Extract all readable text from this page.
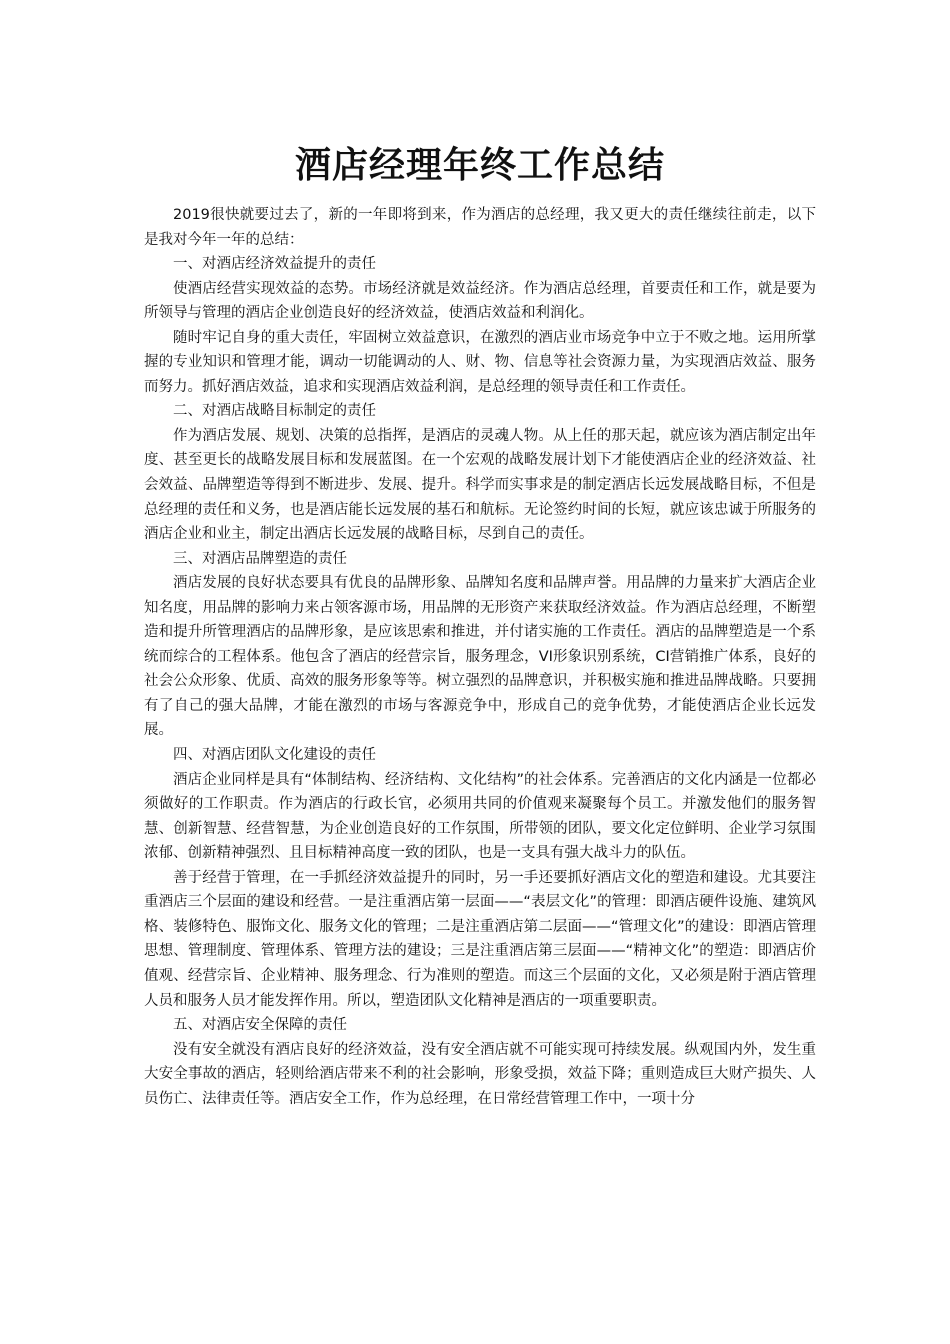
酒店经理年终工作总结

2019很快就要过去了，新的一年即将到来，作为酒店的总经理，我又更大的责任继续往前走，以下是我对今年一年的总结：

一、对酒店经济效益提升的责任

使酒店经营实现效益的态势。市场经济就是效益经济。作为酒店总经理，首要责任和工作，就是要为所领导与管理的酒店企业创造良好的经济效益，使酒店效益和利润化。

随时牢记自身的重大责任，牢固树立效益意识，在激烈的酒店业市场竞争中立于不败之地。运用所掌握的专业知识和管理才能，调动一切能调动的人、财、物、信息等社会资源力量，为实现酒店效益、服务而努力。抓好酒店效益，追求和实现酒店效益利润，是总经理的领导责任和工作责任。

二、对酒店战略目标制定的责任

作为酒店发展、规划、决策的总指挥，是酒店的灵魂人物。从上任的那天起，就应该为酒店制定出年度、甚至更长的战略发展目标和发展蓝图。在一个宏观的战略发展计划下才能使酒店企业的经济效益、社会效益、品牌塑造等得到不断进步、发展、提升。科学而实事求是的制定酒店长远发展战略目标，不但是总经理的责任和义务，也是酒店能长远发展的基石和航标。无论签约时间的长短，就应该忠诚于所服务的酒店企业和业主，制定出酒店长远发展的战略目标，尽到自己的责任。

三、对酒店品牌塑造的责任

酒店发展的良好状态要具有优良的品牌形象、品牌知名度和品牌声誉。用品牌的力量来扩大酒店企业知名度，用品牌的影响力来占领客源市场，用品牌的无形资产来获取经济效益。作为酒店总经理，不断塑造和提升所管理酒店的品牌形象，是应该思索和推进，并付诸实施的工作责任。酒店的品牌塑造是一个系统而综合的工程体系。他包含了酒店的经营宗旨，服务理念，VI形象识别系统，CI营销推广体系，良好的社会公众形象、优质、高效的服务形象等等。树立强烈的品牌意识，并积极实施和推进品牌战略。只要拥有了自己的强大品牌，才能在激烈的市场与客源竞争中，形成自己的竞争优势，才能使酒店企业长远发展。

四、对酒店团队文化建设的责任

酒店企业同样是具有“体制结构、经济结构、文化结构”的社会体系。完善酒店的文化内涵是一位都必须做好的工作职责。作为酒店的行政长官，必须用共同的价值观来凝聚每个员工。并激发他们的服务智慧、创新智慧、经营智慧，为企业创造良好的工作氛围，所带领的团队，要文化定位鲜明、企业学习氛围浓郁、创新精神强烈、且目标精神高度一致的团队，也是一支具有强大战斗力的队伍。

善于经营于管理，在一手抓经济效益提升的同时，另一手还要抓好酒店文化的塑造和建设。尤其要注重酒店三个层面的建设和经营。一是注重酒店第一层面——“表层文化”的管理：即酒店硬件设施、建筑风格、装修特色、服饰文化、服务文化的管理；二是注重酒店第二层面——“管理文化”的建设：即酒店管理思想、管理制度、管理体系、管理方法的建设；三是注重酒店第三层面——“精神文化”的塑造：即酒店价值观、经营宗旨、企业精神、服务理念、行为准则的塑造。而这三个层面的文化，又必须是附于酒店管理人员和服务人员才能发挥作用。所以，塑造团队文化精神是酒店的一项重要职责。

五、对酒店安全保障的责任

没有安全就没有酒店良好的经济效益，没有安全酒店就不可能实现可持续发展。纵观国内外，发生重大安全事故的酒店，轻则给酒店带来不利的社会影响，形象受损，效益下降；重则造成巨大财产损失、人员伤亡、法律责任等。酒店安全工作，作为总经理，在日常经营管理工作中，一项十分
